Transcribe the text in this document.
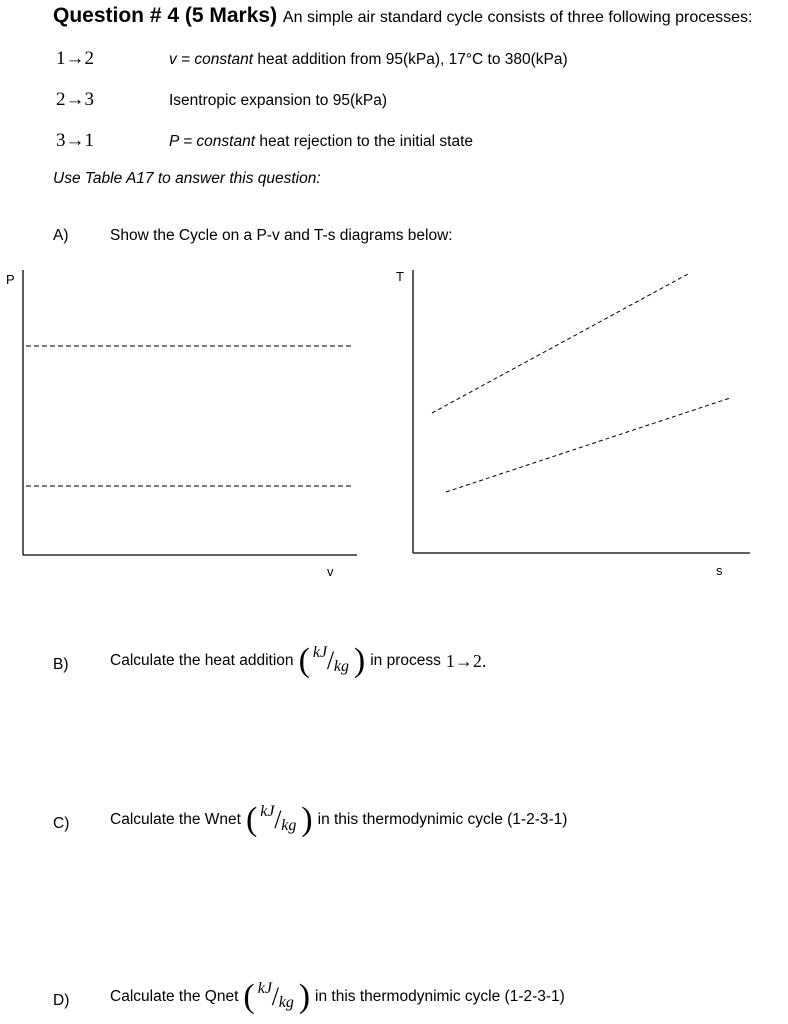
Question # 4 (5 Marks) An simple air standard cycle consists of three following processes:
1→2	v = constant heat addition from 95(kPa), 17°C to 380(kPa)
2→3	Isentropic expansion to 95(kPa)
3→1	P = constant heat rejection to the initial state
Use Table A17 to answer this question:
A)	Show the Cycle on a P-v and T-s diagrams below:
P
v
T
s
B)	Calculate the heat addition ( kJ / kg ) in process 1→2.
C)	Calculate the Wnet ( kJ / kg ) in this thermodynimic cycle (1-2-3-1)
D)	Calculate the Qnet ( kJ / kg ) in this thermodynimic cycle (1-2-3-1)
